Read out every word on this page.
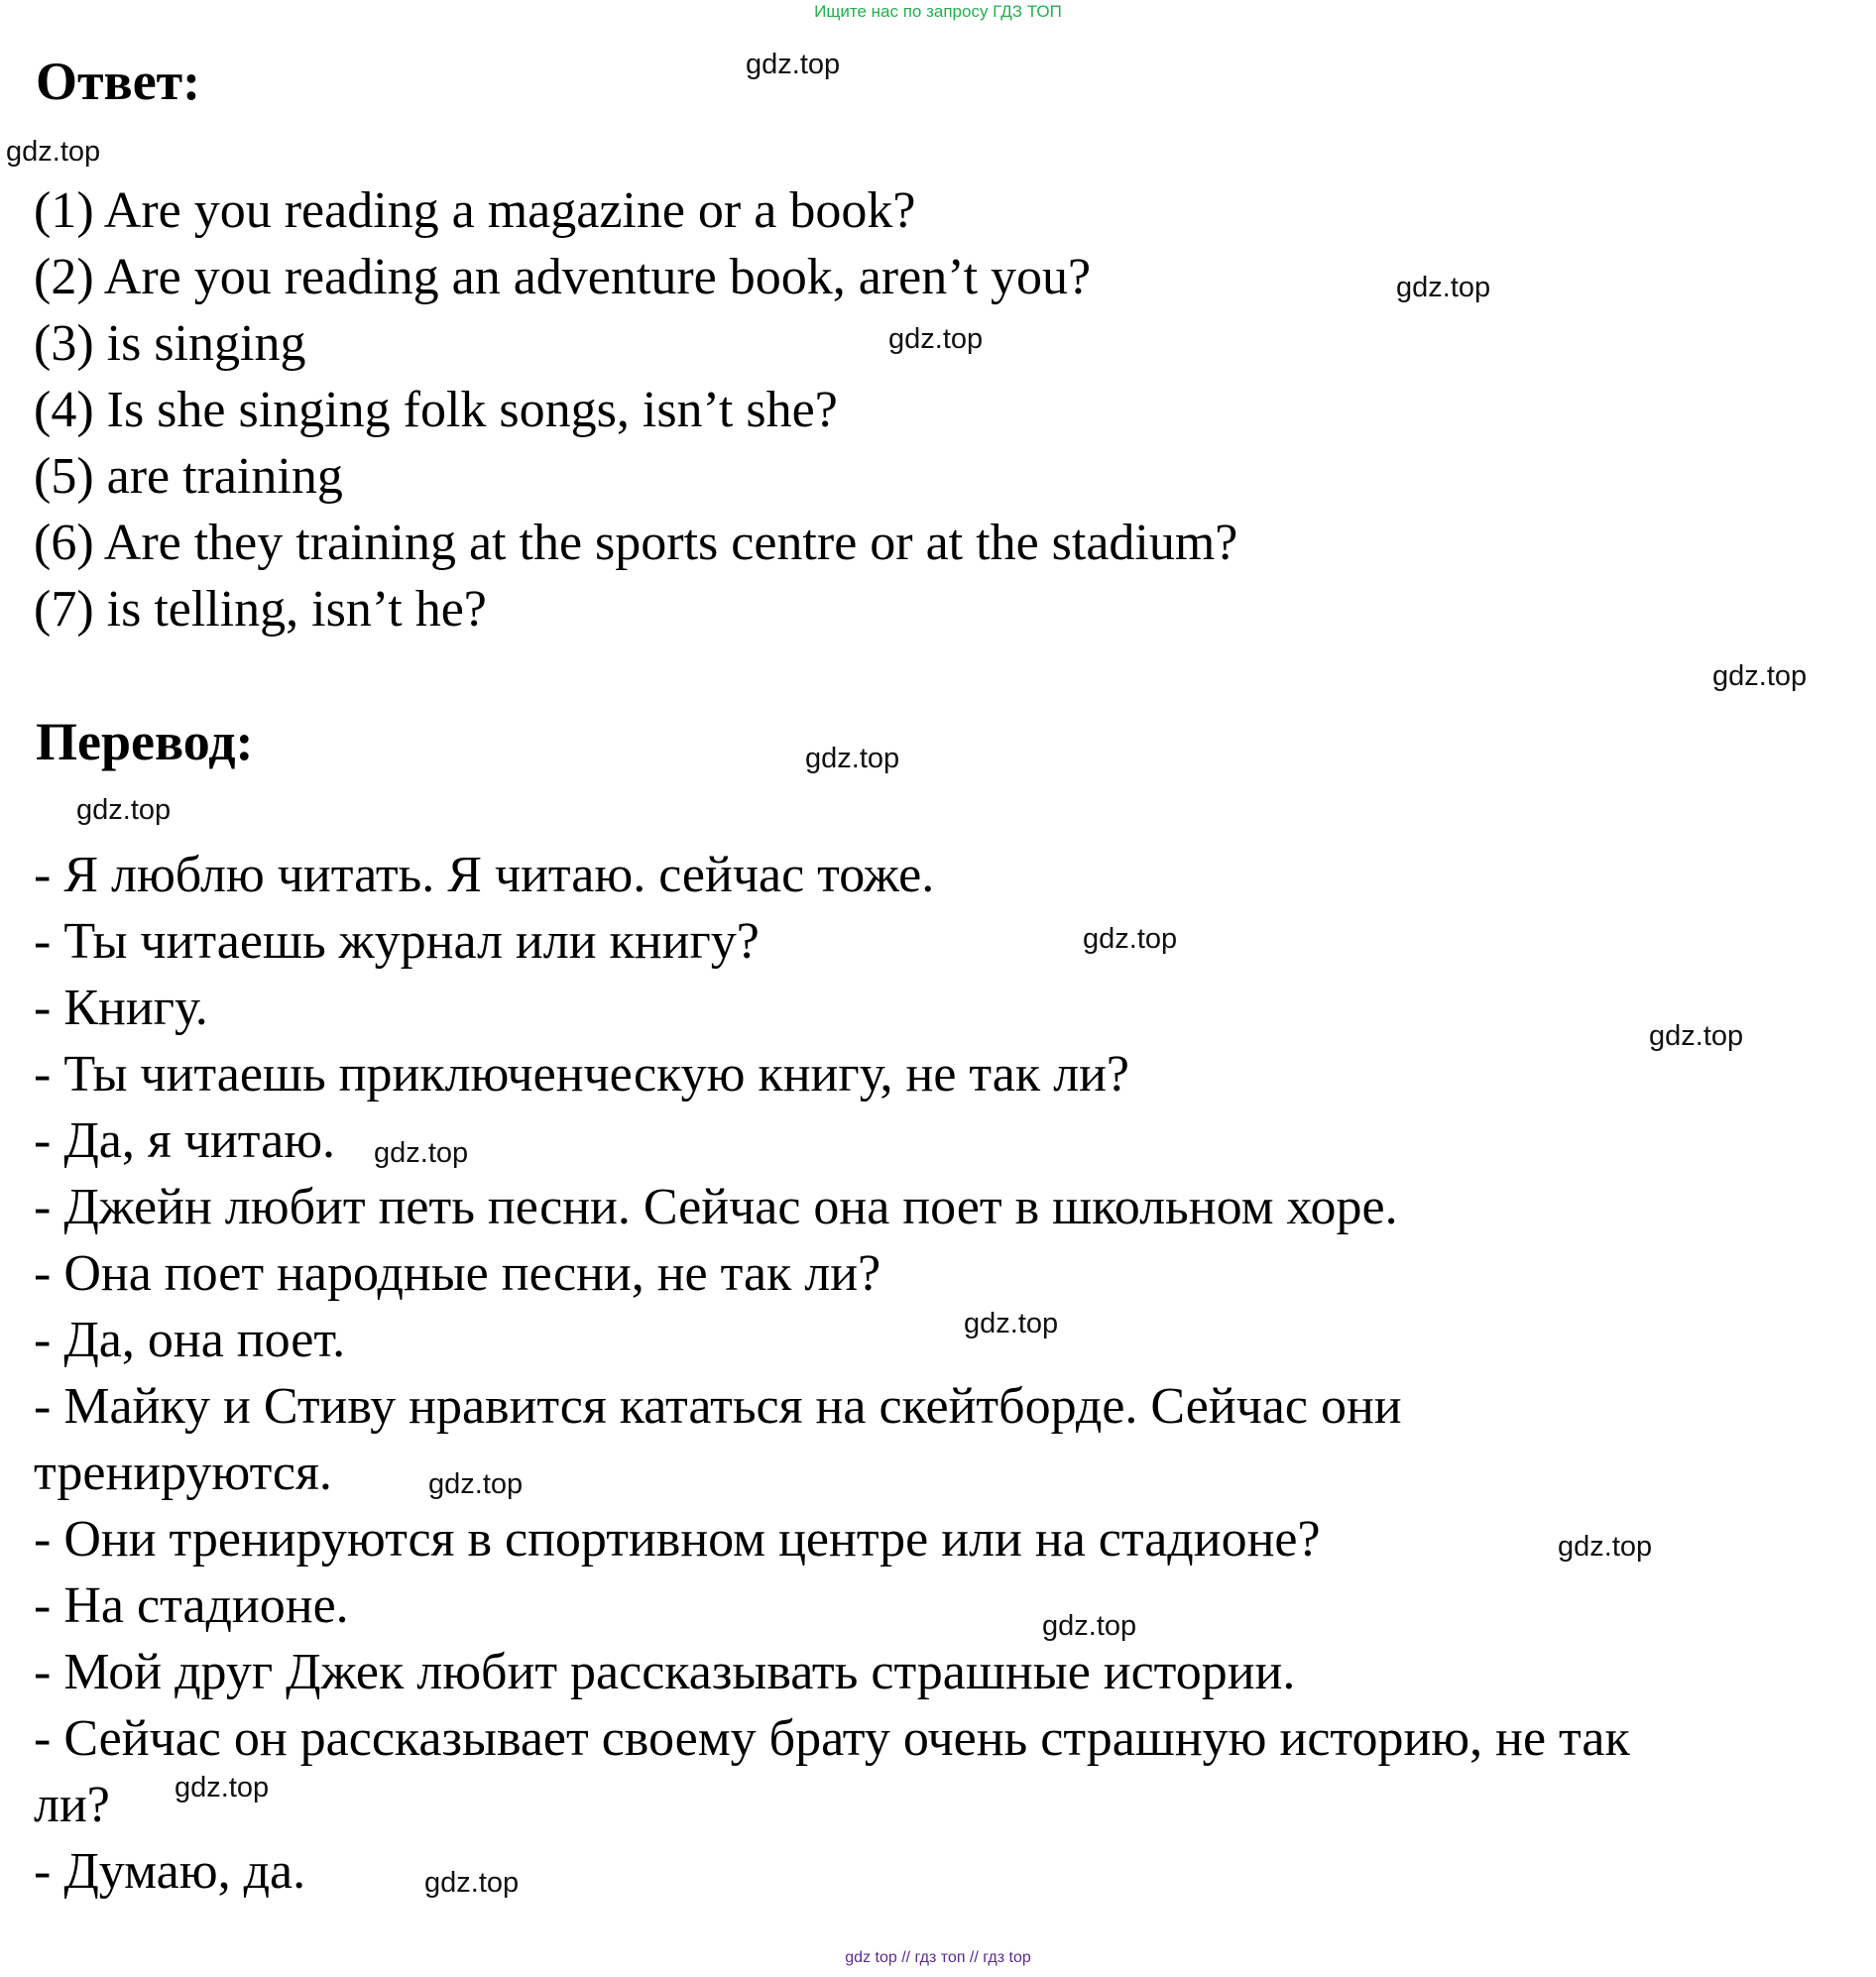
Ищите нас по запросу ГДЗ ТОП
Ответ:
(1) Are you reading a magazine or a book?
(2) Are you reading an adventure book, aren’t you?
(3) is singing
(4) Is she singing folk songs, isn’t she?
(5) are training
(6) Are they training at the sports centre or at the stadium?
(7) is telling, isn’t he?
Перевод:
- Я люблю читать. Я читаю. сейчас тоже.
- Ты читаешь журнал или книгу?
- Книгу.
- Ты читаешь приключенческую книгу, не так ли?
- Да, я читаю.
- Джейн любит петь песни. Сейчас она поет в школьном хоре.
- Она поет народные песни, не так ли?
- Да, она поет.
- Майку и Стиву нравится кататься на скейтборде. Сейчас они
тренируются.
- Они тренируются в спортивном центре или на стадионе?
- На стадионе.
- Мой друг Джек любит рассказывать страшные истории.
- Сейчас он рассказывает своему брату очень страшную историю, не так
ли?
- Думаю, да.
gdz.top
gdz.top
gdz.top
gdz.top
gdz.top
gdz.top
gdz.top
gdz.top
gdz.top
gdz.top
gdz.top
gdz.top
gdz.top
gdz.top
gdz.top
gdz.top
gdz top // гдз топ // гдз top
